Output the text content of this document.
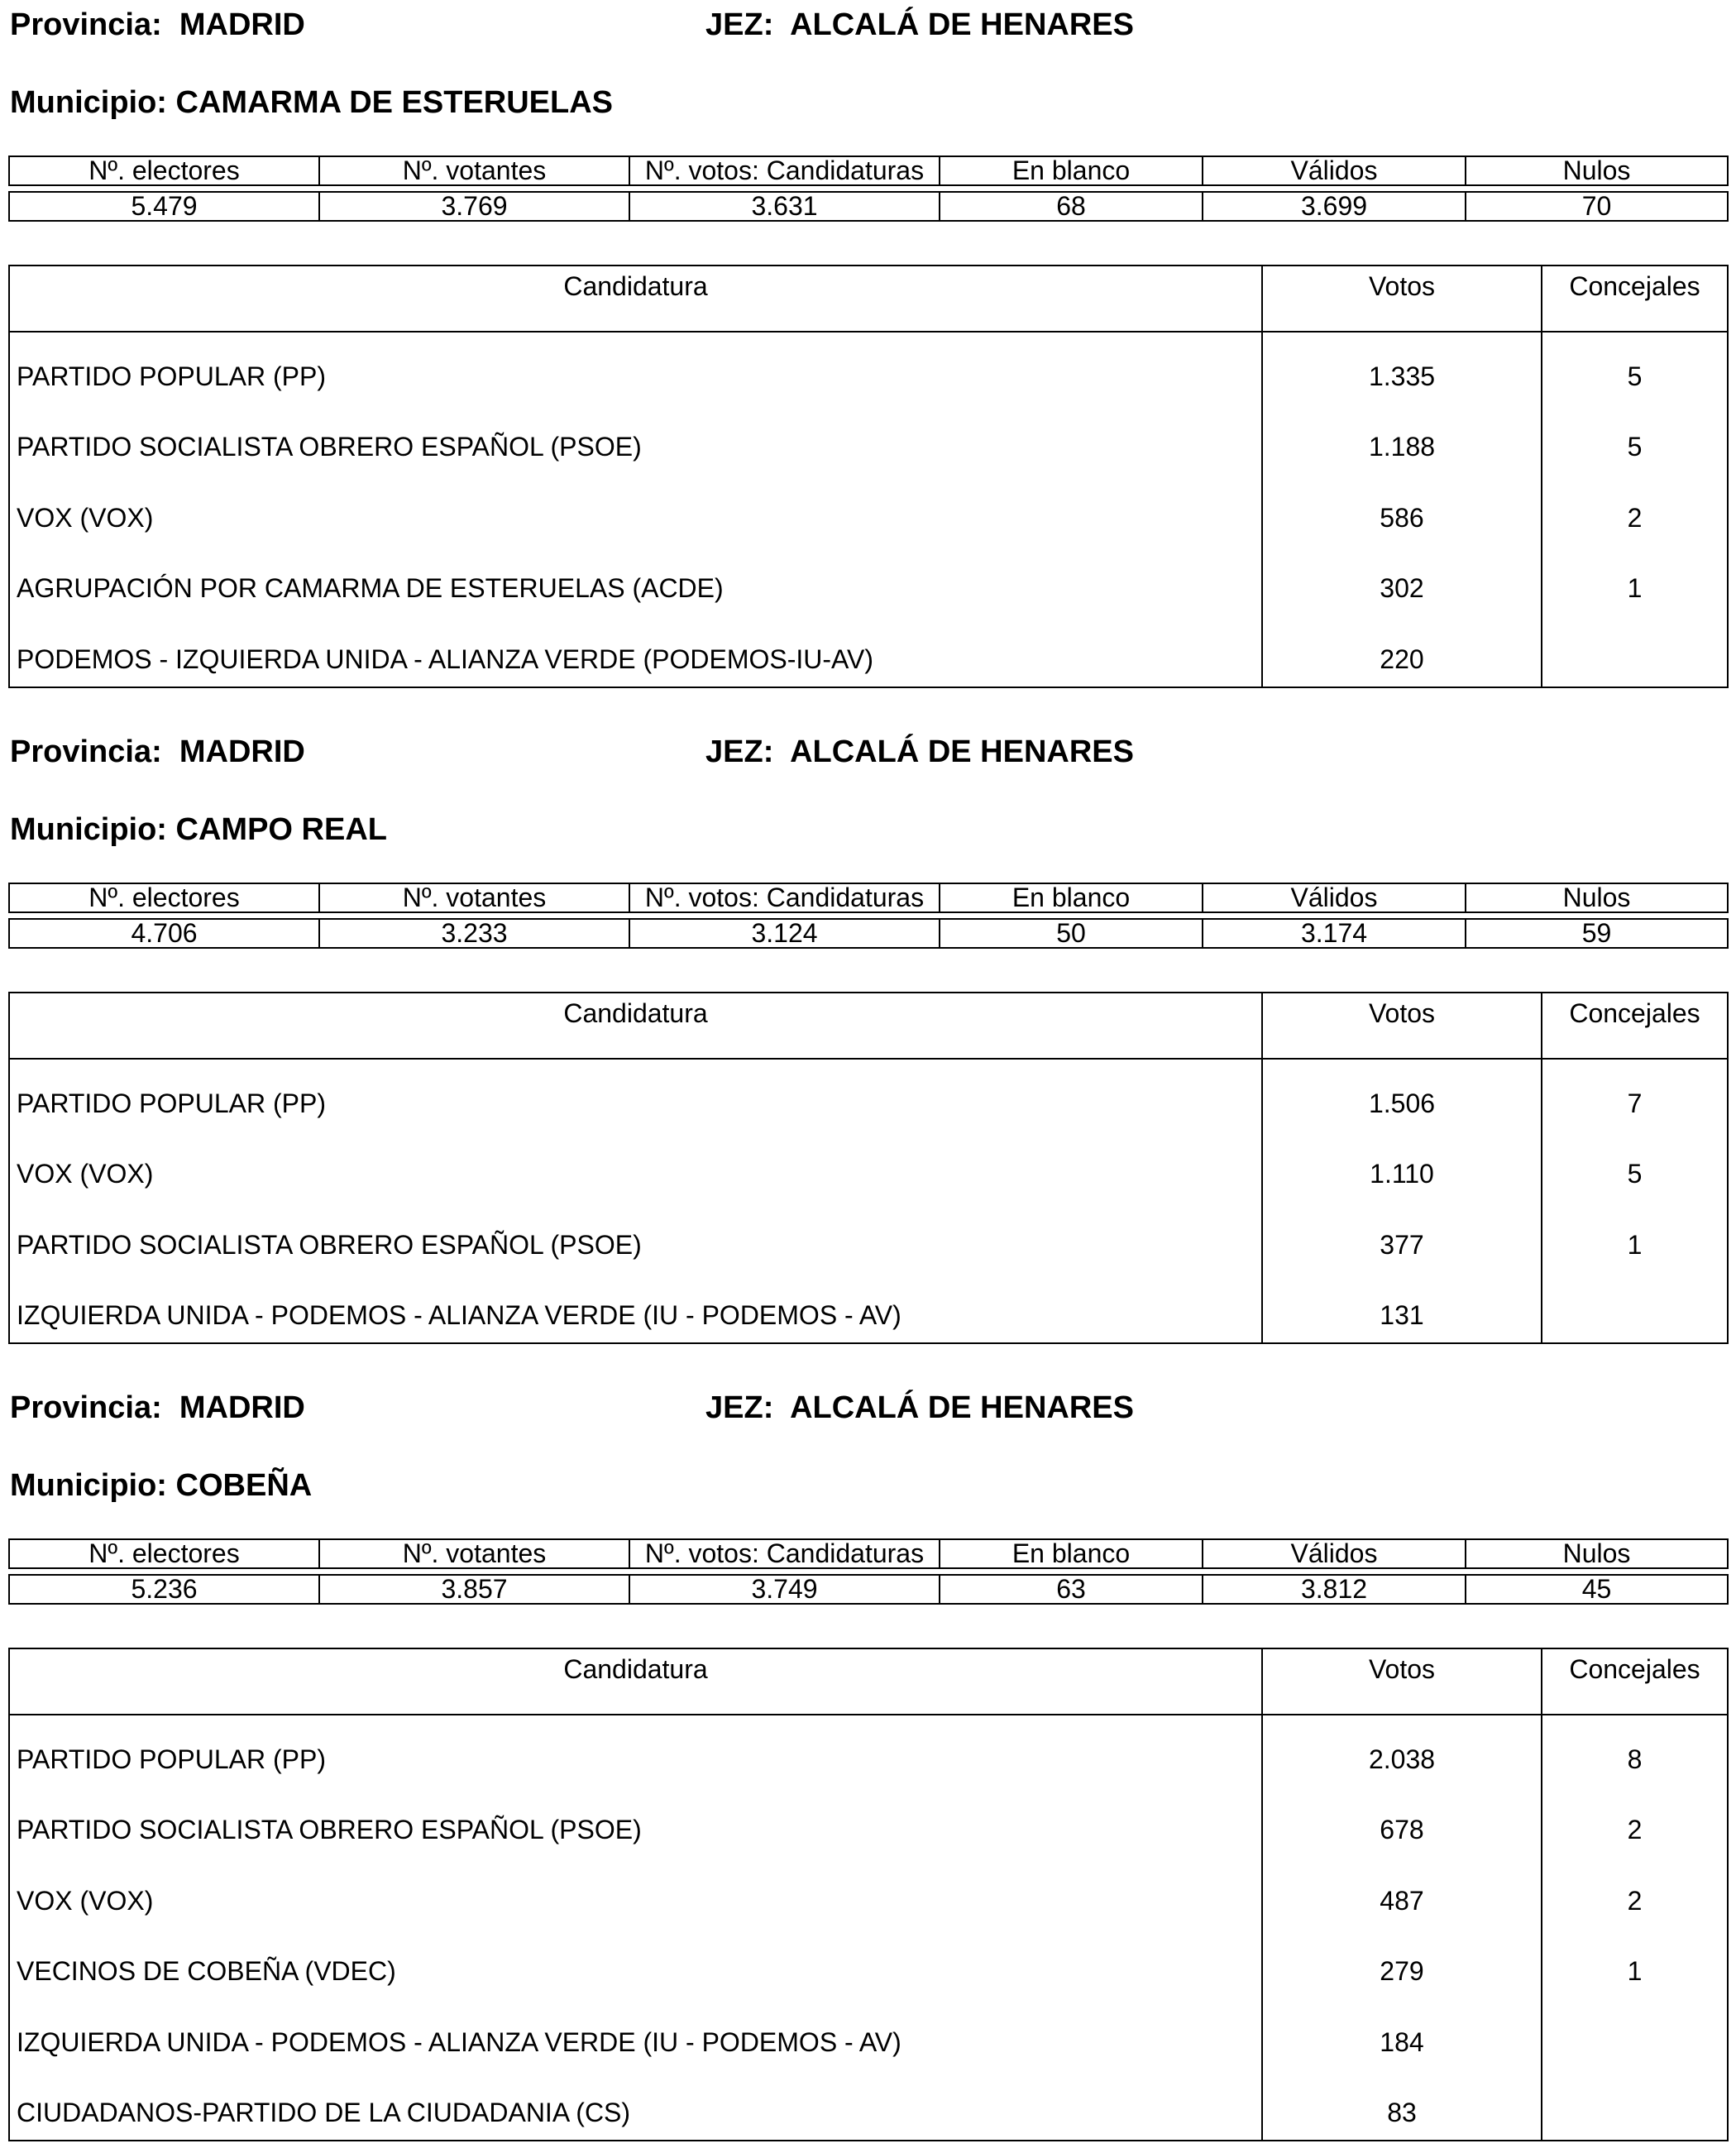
Provincia: MADRID	JEZ: ALCALÁ DE HENARES
Municipio: CAMARMA DE ESTERUELAS
Nº. electores	Nº. votantes	Nº. votos: Candidaturas	En blanco	Válidos	Nulos

5.479	3.769	3.631	68	3.699	70
Candidatura	Votos	Concejales
PARTIDO POPULAR (PP)	1.335	5
PARTIDO SOCIALISTA OBRERO ESPAÑOL (PSOE)	1.188	5
VOX (VOX)	586	2
AGRUPACIÓN POR CAMARMA DE ESTERUELAS (ACDE)	302	1
PODEMOS - IZQUIERDA UNIDA - ALIANZA VERDE (PODEMOS-IU-AV)	220
Provincia: MADRID	JEZ: ALCALÁ DE HENARES
Municipio: CAMPO REAL
Nº. electores	Nº. votantes	Nº. votos: Candidaturas	En blanco	Válidos	Nulos

4.706	3.233	3.124	50	3.174	59
Candidatura	Votos	Concejales
PARTIDO POPULAR (PP)	1.506	7
VOX (VOX)	1.110	5
PARTIDO SOCIALISTA OBRERO ESPAÑOL (PSOE)	377	1
IZQUIERDA UNIDA - PODEMOS - ALIANZA VERDE (IU - PODEMOS - AV)	131
Provincia: MADRID	JEZ: ALCALÁ DE HENARES
Municipio: COBEÑA
Nº. electores	Nº. votantes	Nº. votos: Candidaturas	En blanco	Válidos	Nulos

5.236	3.857	3.749	63	3.812	45
Candidatura	Votos	Concejales
PARTIDO POPULAR (PP)	2.038	8
PARTIDO SOCIALISTA OBRERO ESPAÑOL (PSOE)	678	2
VOX (VOX)	487	2
VECINOS DE COBEÑA (VDEC)	279	1
IZQUIERDA UNIDA - PODEMOS - ALIANZA VERDE (IU - PODEMOS - AV)	184
CIUDADANOS-PARTIDO DE LA CIUDADANIA (CS)	83
